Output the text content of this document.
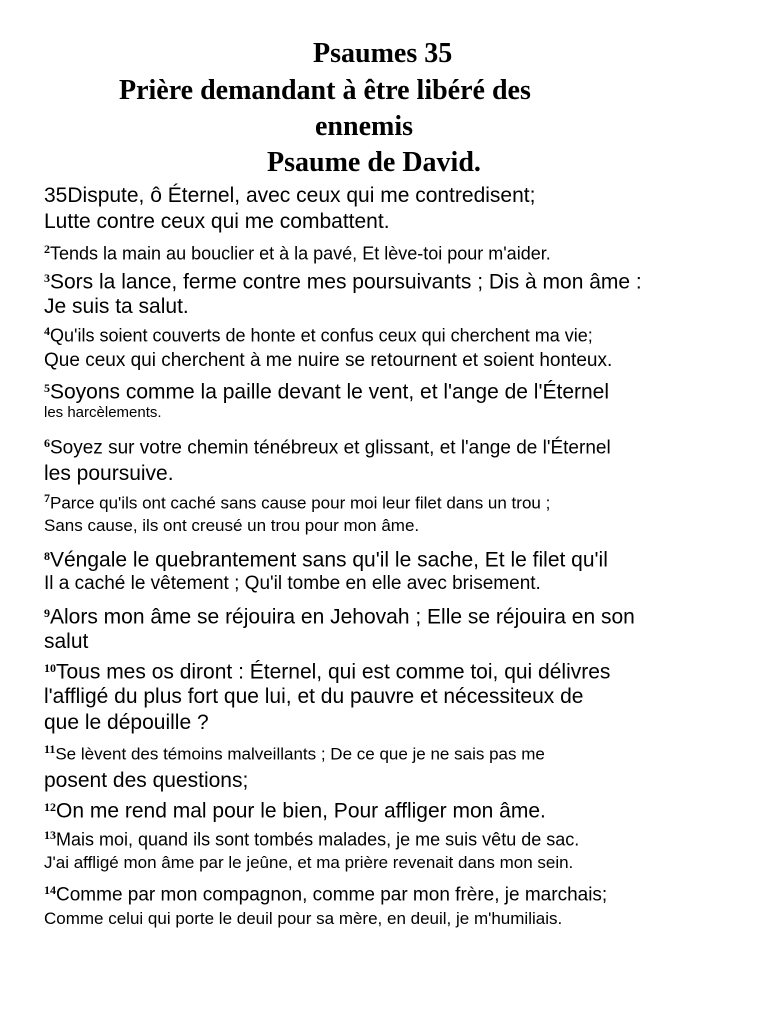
Psaumes 35
Prière demandant à être libéré des
ennemis
Psaume de David.

35Dispute, ô Éternel, avec ceux qui me contredisent;

Lutte contre ceux qui me combattent.

$^2$Tends la main au bouclier et à la pavé, Et lève-toi pour m'aider.

$^3$Sors la lance, ferme contre mes poursuivants ; Dis à mon âme :

Je suis ta salut.

$^4$Qu'ils soient couverts de honte et confus ceux qui cherchent ma vie;

Que ceux qui cherchent à me nuire se retournent et soient honteux.

$^5$Soyons comme la paille devant le vent, et l'ange de l'Éternel

les harcèlements.

$^6$Soyez sur votre chemin ténébreux et glissant, et l'ange de l'Éternel

les poursuive.

$^7$Parce qu'ils ont caché sans cause pour moi leur filet dans un trou ;

Sans cause, ils ont creusé un trou pour mon âme.

$^8$Véngale le quebrantement sans qu'il le sache, Et le filet qu'il

Il a caché le vêtement ; Qu'il tombe en elle avec brisement.

$^9$Alors mon âme se réjouira en Jehovah ; Elle se réjouira en son

salut

$^{10}$Tous mes os diront : Éternel, qui est comme toi, qui délivres

l'affligé du plus fort que lui, et du pauvre et nécessiteux de

que le dépouille ?

$^{11}$Se lèvent des témoins malveillants ; De ce que je ne sais pas me

posent des questions;

$^{12}$On me rend mal pour le bien, Pour affliger mon âme.

$^{13}$Mais moi, quand ils sont tombés malades, je me suis vêtu de sac.

J'ai affligé mon âme par le jeûne, et ma prière revenait dans mon sein.

$^{14}$Comme par mon compagnon, comme par mon frère, je marchais;

Comme celui qui porte le deuil pour sa mère, en deuil, je m'humiliais.
